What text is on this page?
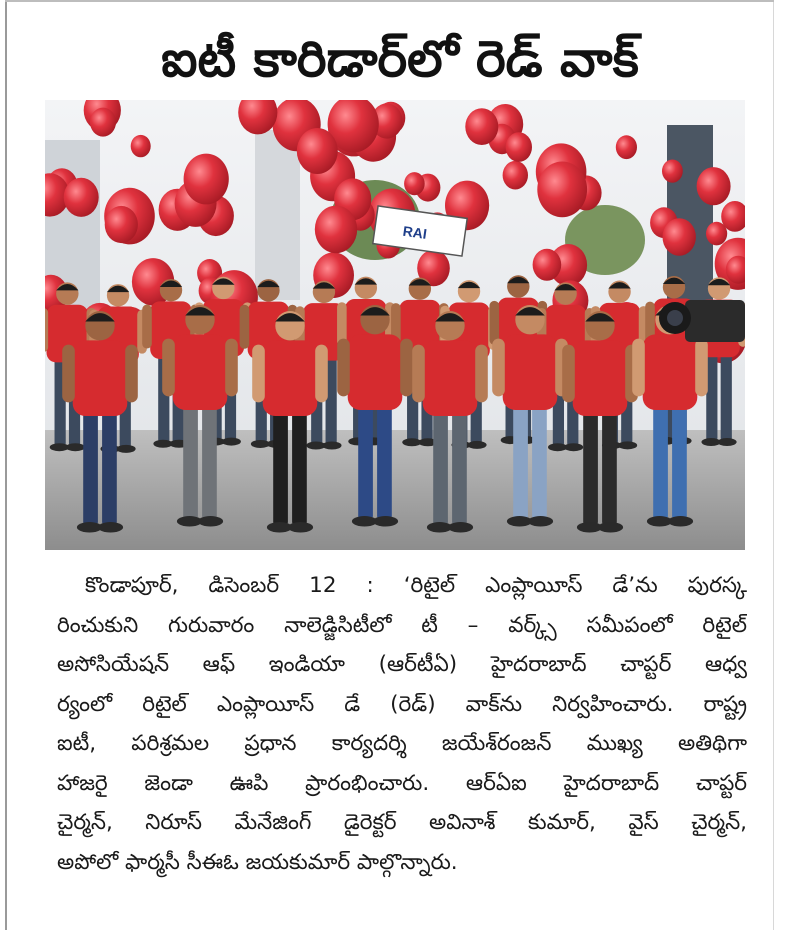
ఐటీ కారిడార్‌లో రెడ్ వాక్
RAI
కొండాపూర్, డిసెంబర్ 12 : ‘రిటైల్ ఎంప్లాయీస్ డే’ను పురస్క
రించుకుని గురువారం నాలెడ్జిసిటీలో టీ – వర్క్స్ సమీపంలో రిటైల్
అసోసియేషన్ ఆఫ్ ఇండియా (ఆర్‌టీఏ) హైదరాబాద్ చాప్టర్ ఆధ్వ
ర్యంలో రిటైల్ ఎంప్లాయీస్ డే (రెడ్) వాక్‌ను నిర్వహించారు. రాష్ట్ర
ఐటీ, పరిశ్రమల ప్రధాన కార్యదర్శి జయేశ్‌రంజన్ ముఖ్య అతిథిగా
హాజరై జెండా ఊపి ప్రారంభించారు. ఆర్‌ఏఐ హైదరాబాద్ చాప్టర్
చైర్మన్, నిరూస్ మేనేజింగ్ డైరెక్టర్ అవినాశ్ కుమార్, వైస్ చైర్మన్,
అపోలో ఫార్మసీ సీఈఓ జయకుమార్ పాల్గొన్నారు.
